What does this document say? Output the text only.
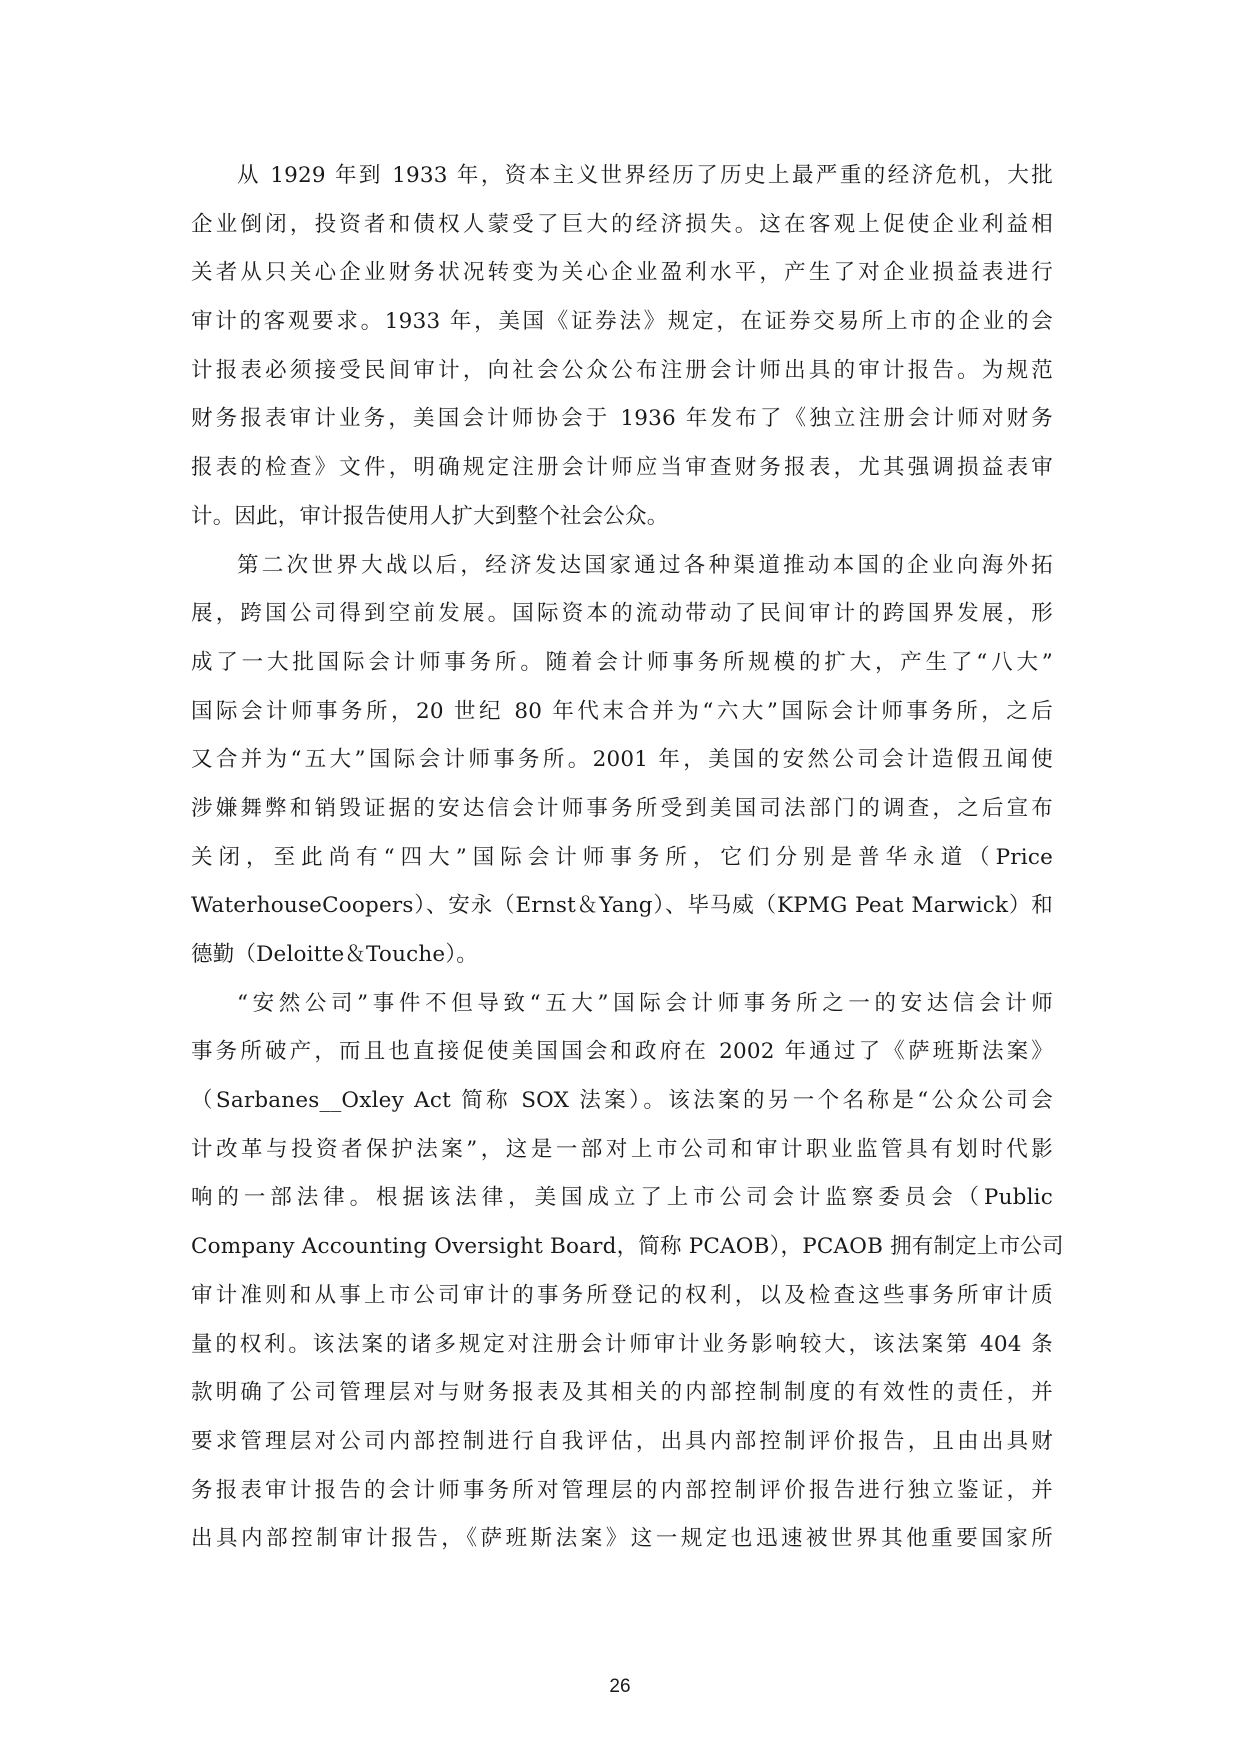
从 1929 年到 1933 年，资本主义世界经历了历史上最严重的经济危机，大批
企业倒闭，投资者和债权人蒙受了巨大的经济损失。这在客观上促使企业利益相
关者从只关心企业财务状况转变为关心企业盈利水平，产生了对企业损益表进行
审计的客观要求。1933 年，美国《证券法》规定，在证券交易所上市的企业的会
计报表必须接受民间审计，向社会公众公布注册会计师出具的审计报告。为规范
财务报表审计业务，美国会计师协会于 1936 年发布了《独立注册会计师对财务
报表的检查》文件，明确规定注册会计师应当审查财务报表，尤其强调损益表审
计。因此，审计报告使用人扩大到整个社会公众。
第二次世界大战以后，经济发达国家通过各种渠道推动本国的企业向海外拓
展，跨国公司得到空前发展。国际资本的流动带动了民间审计的跨国界发展，形
成了一大批国际会计师事务所。随着会计师事务所规模的扩大，产生了“八大”
国际会计师事务所，20 世纪 80 年代末合并为“六大”国际会计师事务所，之后
又合并为“五大”国际会计师事务所。2001 年，美国的安然公司会计造假丑闻使
涉嫌舞弊和销毁证据的安达信会计师事务所受到美国司法部门的调查，之后宣布
关闭，至此尚有“四大”国际会计师事务所，它们分别是普华永道（Price
WaterhouseCoopers）、安永（Ernst＆Yang）、毕马威（KPMG Peat Marwick）和
德勤（Deloitte＆Touche）。
“安然公司”事件不但导致“五大”国际会计师事务所之一的安达信会计师
事务所破产，而且也直接促使美国国会和政府在 2002 年通过了《萨班斯法案》
（Sarbanes__Oxley Act 简称 SOX 法案）。该法案的另一个名称是“公众公司会
计改革与投资者保护法案”，这是一部对上市公司和审计职业监管具有划时代影
响的一部法律。根据该法律，美国成立了上市公司会计监察委员会（Public
Company Accounting Oversight Board，简称 PCAOB），PCAOB 拥有制定上市公司
审计准则和从事上市公司审计的事务所登记的权利，以及检查这些事务所审计质
量的权利。该法案的诸多规定对注册会计师审计业务影响较大，该法案第 404 条
款明确了公司管理层对与财务报表及其相关的内部控制制度的有效性的责任，并
要求管理层对公司内部控制进行自我评估，出具内部控制评价报告，且由出具财
务报表审计报告的会计师事务所对管理层的内部控制评价报告进行独立鉴证，并
出具内部控制审计报告，《萨班斯法案》这一规定也迅速被世界其他重要国家所
26
